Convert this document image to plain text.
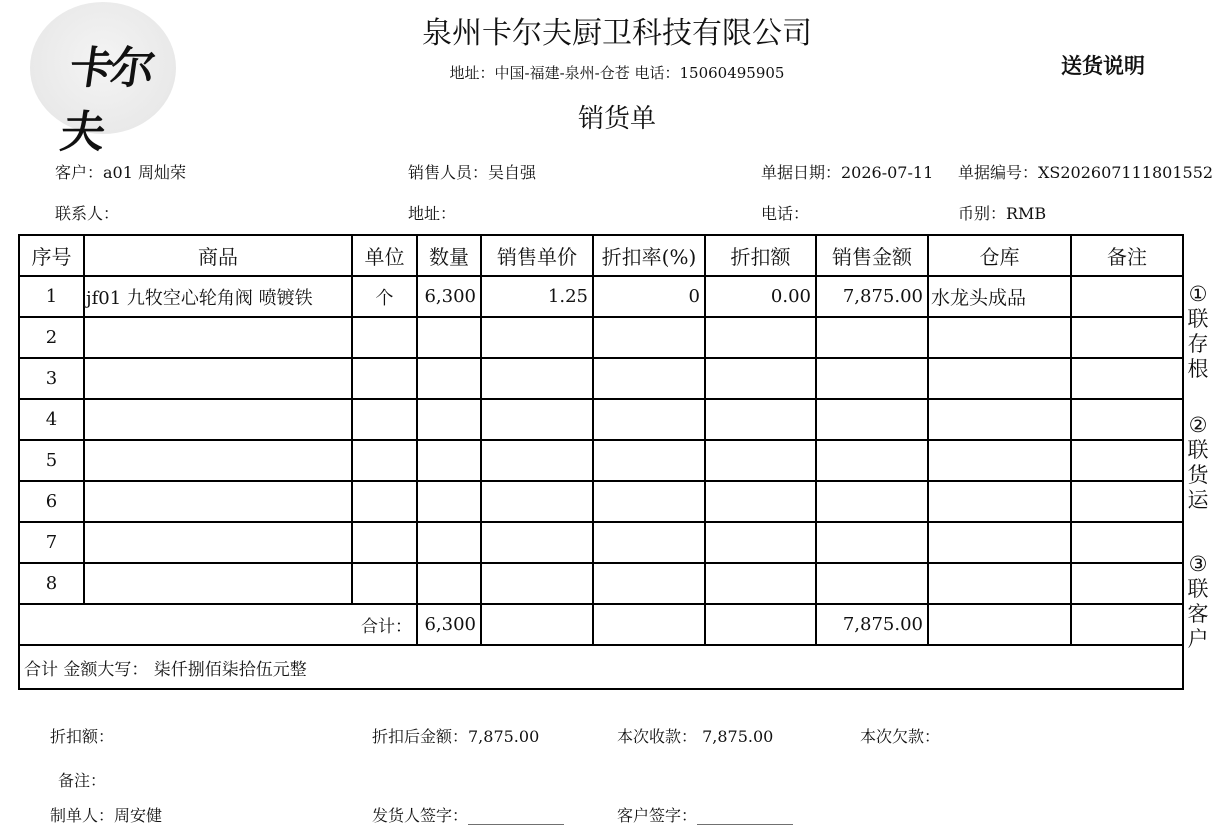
卡尔夫
泉州卡尔夫厨卫科技有限公司
地址：中国-福建-泉州-仓苍 电话：15060495905
销货单
送货说明
客户：a01 周灿荣	销售人员：吴自强	单据日期：2026-07-11 单据编号：XS202607111801552
联系人：	地址：	电话：	币别：RMB
序号	商品	单位	数量	销售单价	折扣率(%)	折扣额	销售金额	仓库	备注
1	jf01 九牧空心轮角阀 喷镀铁	个	6,300	1.25	0	0.00	7,875.00	水龙头成品	
2									
3									
4									
5									
6									
7									
8									
合计：			6,300				7,875.00		
合计 金额大写： 柒仟捌佰柒拾伍元整									
①
联
存
根
②
联
货
运
③
联
客
户
折扣额：	折扣后金额：7,875.00	本次收款： 7,875.00	本次欠款：
备注：
制单人：周安健	发货人签字：____________	客户签字：____________
